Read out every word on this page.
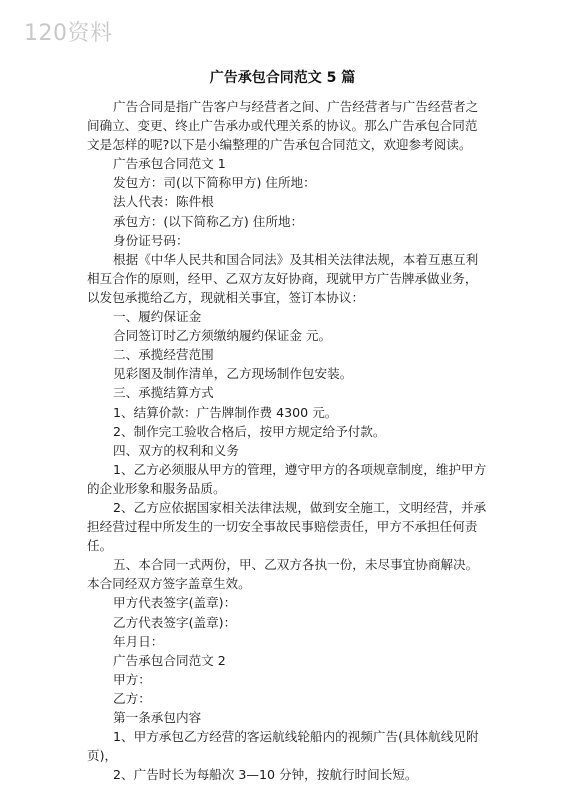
120资料
广告承包合同范文 5 篇

广告合同是指广告客户与经营者之间、广告经营者与广告经营者之间确立、变更、终止广告承办或代理关系的协议。那么广告承包合同范文是怎样的呢?以下是小编整理的广告承包合同范文，欢迎参考阅读。

广告承包合同范文 1

发包方：司(以下简称甲方) 住所地：

法人代表：陈件根

承包方：(以下简称乙方) 住所地：

身份证号码：

根据《中华人民共和国合同法》及其相关法律法规，本着互惠互利相互合作的原则，经甲、乙双方友好协商，现就甲方广告牌承做业务，以发包承揽给乙方，现就相关事宜，签订本协议：

一、履约保证金

合同签订时乙方须缴纳履约保证金 元。

二、承揽经营范围

见彩图及制作清单，乙方现场制作包安装。

三、承揽结算方式

1、结算价款：广告牌制作费 4300 元。

2、制作完工验收合格后，按甲方规定给予付款。

四、双方的权利和义务

1、乙方必须服从甲方的管理，遵守甲方的各项规章制度，维护甲方的企业形象和服务品质。

2、乙方应依据国家相关法律法规，做到安全施工，文明经营，并承担经营过程中所发生的一切安全事故民事赔偿责任，甲方不承担任何责任。

五、本合同一式两份，甲、乙双方各执一份，未尽事宜协商解决。本合同经双方签字盖章生效。

甲方代表签字(盖章)：

乙方代表签字(盖章)：

年月日：

广告承包合同范文 2

甲方：

乙方：

第一条承包内容

1、甲方承包乙方经营的客运航线轮船内的视频广告(具体航线见附页)，

2、广告时长为每船次 3—10 分钟，按航行时间长短。
